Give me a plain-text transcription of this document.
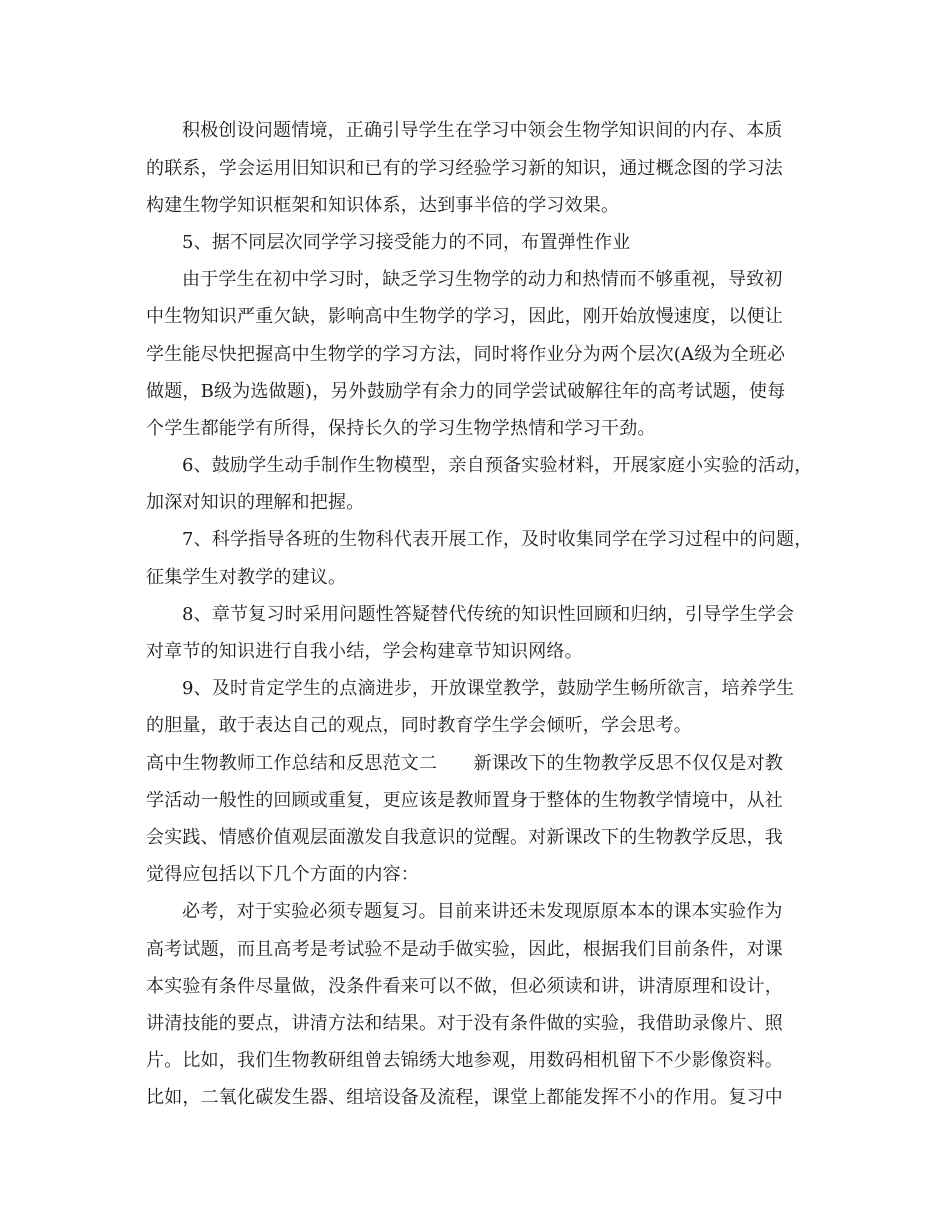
积极创设问题情境，正确引导学生在学习中领会生物学知识间的内存、本质

的联系，学会运用旧知识和已有的学习经验学习新的知识，通过概念图的学习法

构建生物学知识框架和知识体系，达到事半倍的学习效果。

5、据不同层次同学学习接受能力的不同，布置弹性作业

由于学生在初中学习时，缺乏学习生物学的动力和热情而不够重视，导致初

中生物知识严重欠缺，影响高中生物学的学习，因此，刚开始放慢速度，以便让

学生能尽快把握高中生物学的学习方法，同时将作业分为两个层次(A级为全班必

做题，B级为选做题)，另外鼓励学有余力的同学尝试破解往年的高考试题，使每

个学生都能学有所得，保持长久的学习生物学热情和学习干劲。

6、鼓励学生动手制作生物模型，亲自预备实验材料，开展家庭小实验的活动，

加深对知识的理解和把握。

7、科学指导各班的生物科代表开展工作，及时收集同学在学习过程中的问题，

征集学生对教学的建议。

8、章节复习时采用问题性答疑替代传统的知识性回顾和归纳，引导学生学会

对章节的知识进行自我小结，学会构建章节知识网络。

9、及时肯定学生的点滴进步，开放课堂教学，鼓励学生畅所欲言，培养学生

的胆量，敢于表达自己的观点，同时教育学生学会倾听，学会思考。

高中生物教师工作总结和反思范文二　　新课改下的生物教学反思不仅仅是对教

学活动一般性的回顾或重复，更应该是教师置身于整体的生物教学情境中，从社

会实践、情感价值观层面激发自我意识的觉醒。对新课改下的生物教学反思，我

觉得应包括以下几个方面的内容：

必考，对于实验必须专题复习。目前来讲还未发现原原本本的课本实验作为

高考试题，而且高考是考试验不是动手做实验，因此，根据我们目前条件，对课

本实验有条件尽量做，没条件看来可以不做，但必须读和讲，讲清原理和设计，

讲清技能的要点，讲清方法和结果。对于没有条件做的实验，我借助录像片、照

片。比如，我们生物教研组曾去锦绣大地参观，用数码相机留下不少影像资料。

比如，二氧化碳发生器、组培设备及流程，课堂上都能发挥不小的作用。复习中
